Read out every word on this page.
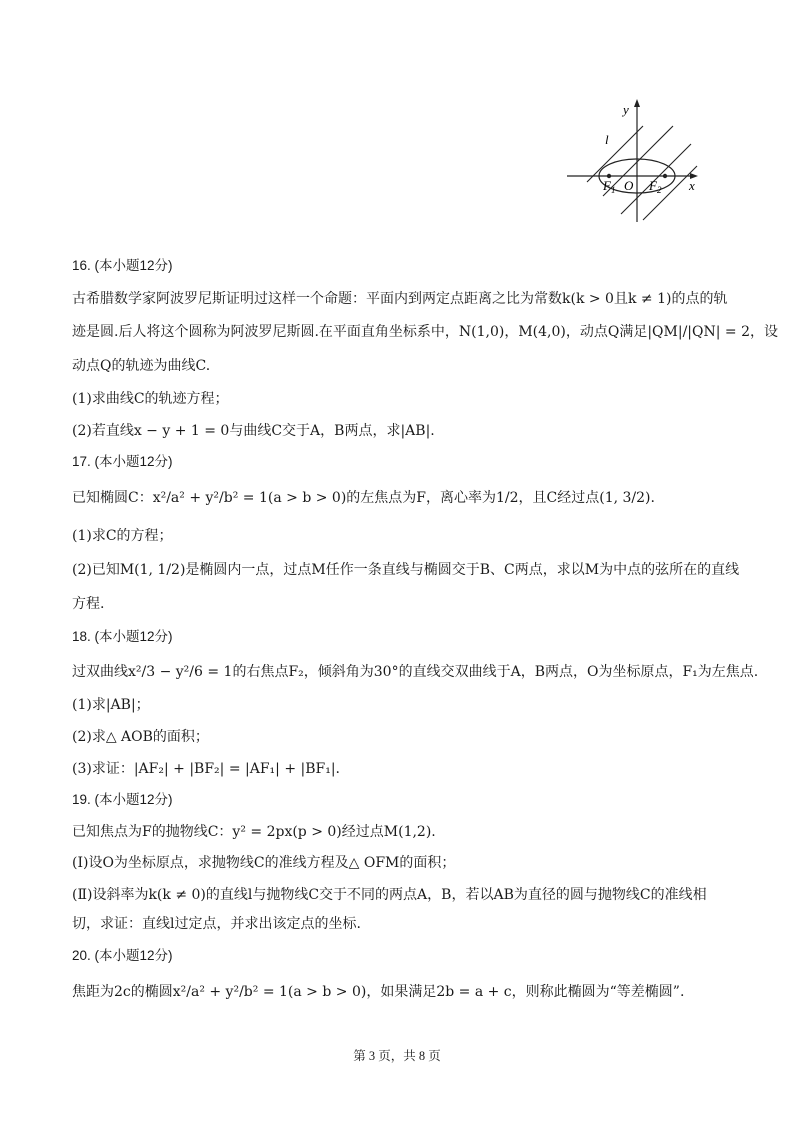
y
l
x
$F_1$ O $F_2$
16. (本小题12分)
古希腊数学家阿波罗尼斯证明过这样一个命题：平面内到两定点距离之比为常数k(k > 0且k ≠ 1)的点的轨
迹是圆.后人将这个圆称为阿波罗尼斯圆.在平面直角坐标系中，N(1,0)，M(4,0)，动点Q满足|QM|/|QN| = 2，设
动点Q的轨迹为曲线C.
(1)求曲线C的轨迹方程；
(2)若直线x − y + 1 = 0与曲线C交于A，B两点，求|AB|.
17. (本小题12分)
已知椭圆C：x²/a² + y²/b² = 1(a > b > 0)的左焦点为F，离心率为1/2，且C经过点(1, 3/2).
(1)求C的方程；
(2)已知M(1, 1/2)是椭圆内一点，过点M任作一条直线与椭圆交于B、C两点，求以M为中点的弦所在的直线
方程.
18. (本小题12分)
过双曲线x²/3 − y²/6 = 1的右焦点F₂，倾斜角为30°的直线交双曲线于A，B两点，O为坐标原点，F₁为左焦点.
(1)求|AB|；
(2)求△ AOB的面积；
(3)求证：|AF₂| + |BF₂| = |AF₁| + |BF₁|.
19. (本小题12分)
已知焦点为F的抛物线C：y² = 2px(p > 0)经过点M(1,2).
(Ⅰ)设O为坐标原点，求抛物线C的准线方程及△ OFM的面积；
(Ⅱ)设斜率为k(k ≠ 0)的直线l与抛物线C交于不同的两点A，B，若以AB为直径的圆与抛物线C的准线相
切，求证：直线l过定点，并求出该定点的坐标.
20. (本小题12分)
焦距为2c的椭圆x²/a² + y²/b² = 1(a > b > 0)，如果满足2b = a + c，则称此椭圆为“等差椭圆”.
第 3 页，共 8 页
